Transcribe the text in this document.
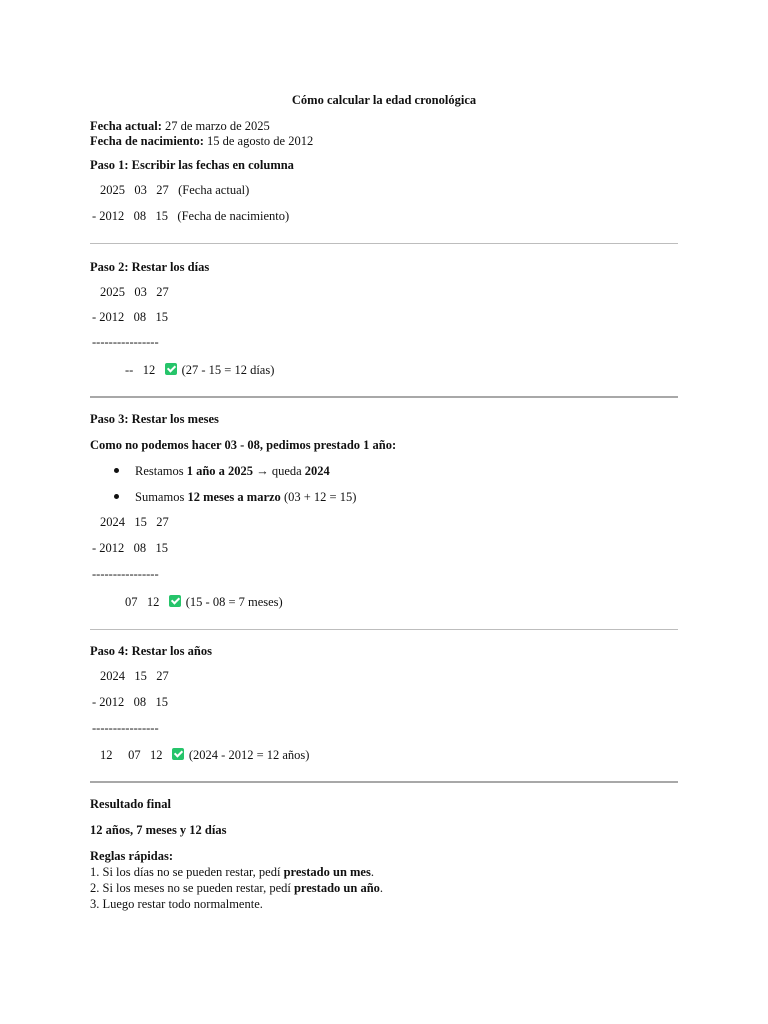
Cómo calcular la edad cronológica
Fecha actual: 27 de marzo de 2025
Fecha de nacimiento: 15 de agosto de 2012
Paso 1: Escribir las fechas en columna
2025   03   27   (Fecha actual)
- 2012   08   15   (Fecha de nacimiento)
Paso 2: Restar los días
2025   03   27
- 2012   08   15
----------------
--   12 (27 - 15 = 12 días)
Paso 3: Restar los meses
Como no podemos hacer 03 - 08, pedimos prestado 1 año:
Restamos 1 año a 2025 → queda 2024
Sumamos 12 meses a marzo (03 + 12 = 15)
2024   15   27
- 2012   08   15
----------------
07   12 (15 - 08 = 7 meses)
Paso 4: Restar los años
2024   15   27
- 2012   08   15
----------------
12     07   12 (2024 - 2012 = 12 años)
Resultado final
12 años, 7 meses y 12 días
Reglas rápidas:
1. Si los días no se pueden restar, pedí prestado un mes.
2. Si los meses no se pueden restar, pedí prestado un año.
3. Luego restar todo normalmente.
